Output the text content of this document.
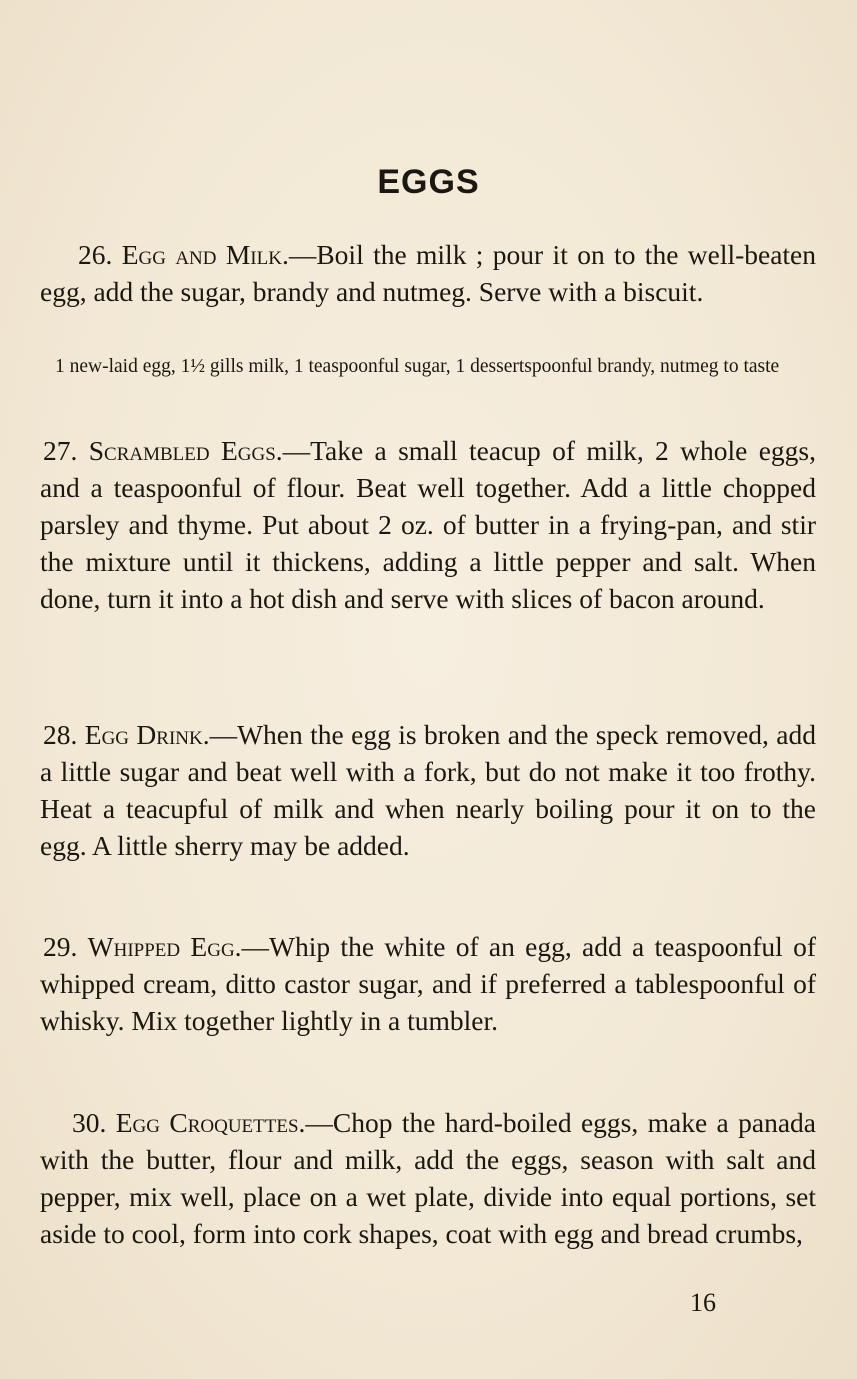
EGGS

26. Egg and Milk.—Boil the milk ; pour it on to the well-beaten egg, add the sugar, brandy and nutmeg. Serve with a biscuit.

1 new-laid egg, 1½ gills milk, 1 teaspoonful sugar, 1 dessertspoonful brandy, nutmeg to taste

27. Scrambled Eggs.—Take a small teacup of milk, 2 whole eggs, and a teaspoonful of flour. Beat well together. Add a little chopped parsley and thyme. Put about 2 oz. of butter in a frying-pan, and stir the mixture until it thickens, adding a little pepper and salt. When done, turn it into a hot dish and serve with slices of bacon around.

28. Egg Drink.—When the egg is broken and the speck removed, add a little sugar and beat well with a fork, but do not make it too frothy. Heat a teacupful of milk and when nearly boiling pour it on to the egg. A little sherry may be added.

29. Whipped Egg.—Whip the white of an egg, add a teaspoonful of whipped cream, ditto castor sugar, and if preferred a tablespoonful of whisky. Mix together lightly in a tumbler.

30. Egg Croquettes.—Chop the hard-boiled eggs, make a panada with the butter, flour and milk, add the eggs, season with salt and pepper, mix well, place on a wet plate, divide into equal portions, set aside to cool, form into cork shapes, coat with egg and bread crumbs,

16
